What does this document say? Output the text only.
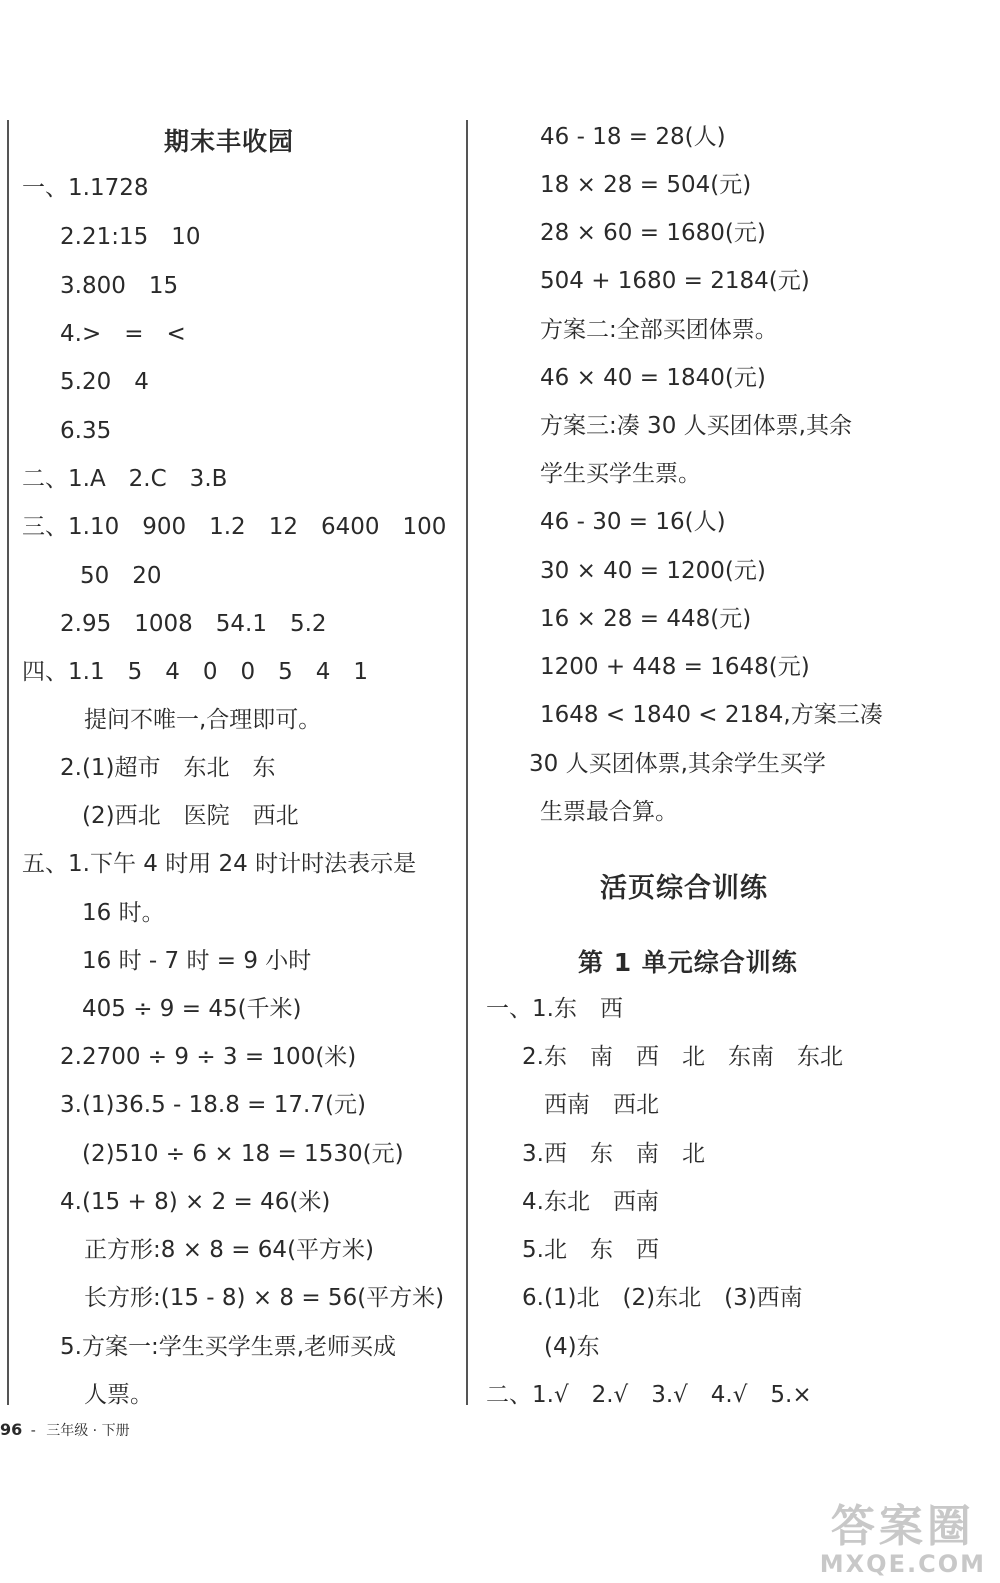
期末丰收园
一、1.1728
2.21:15　10
3.800　15
4.>　=　<
5.20　4
6.35
二、1.A　2.C　3.B
三、1.10　900　1.2　12　6400　100
50　20
2.95　1008　54.1　5.2
四、1.1　5　4　0　0　5　4　1
提问不唯一,合理即可。
2.(1)超市　东北　东
(2)西北　医院　西北
五、1.下午 4 时用 24 时计时法表示是
16 时。
16 时 - 7 时 = 9 小时
405 ÷ 9 = 45(千米)
2.2700 ÷ 9 ÷ 3 = 100(米)
3.(1)36.5 - 18.8 = 17.7(元)
(2)510 ÷ 6 × 18 = 1530(元)
4.(15 + 8) × 2 = 46(米)
正方形:8 × 8 = 64(平方米)
长方形:(15 - 8) × 8 = 56(平方米)
5.方案一:学生买学生票,老师买成
人票。
46 - 18 = 28(人)
18 × 28 = 504(元)
28 × 60 = 1680(元)
504 + 1680 = 2184(元)
方案二:全部买团体票。
46 × 40 = 1840(元)
方案三:凑 30 人买团体票,其余
学生买学生票。
46 - 30 = 16(人)
30 × 40 = 1200(元)
16 × 28 = 448(元)
1200 + 448 = 1648(元)
1648 < 1840 < 2184,方案三凑
30 人买团体票,其余学生买学
生票最合算。
活页综合训练
第 1 单元综合训练
一、1.东　西
2.东　南　西　北　东南　东北
西南　西北
3.西　东　南　北
4.东北　西南
5.北　东　西
6.(1)北　(2)东北　(3)西南
(4)东
二、1.√　2.√　3.√　4.√　5.×
96 - 三年级 · 下册
答案圈
MXQE.COM
